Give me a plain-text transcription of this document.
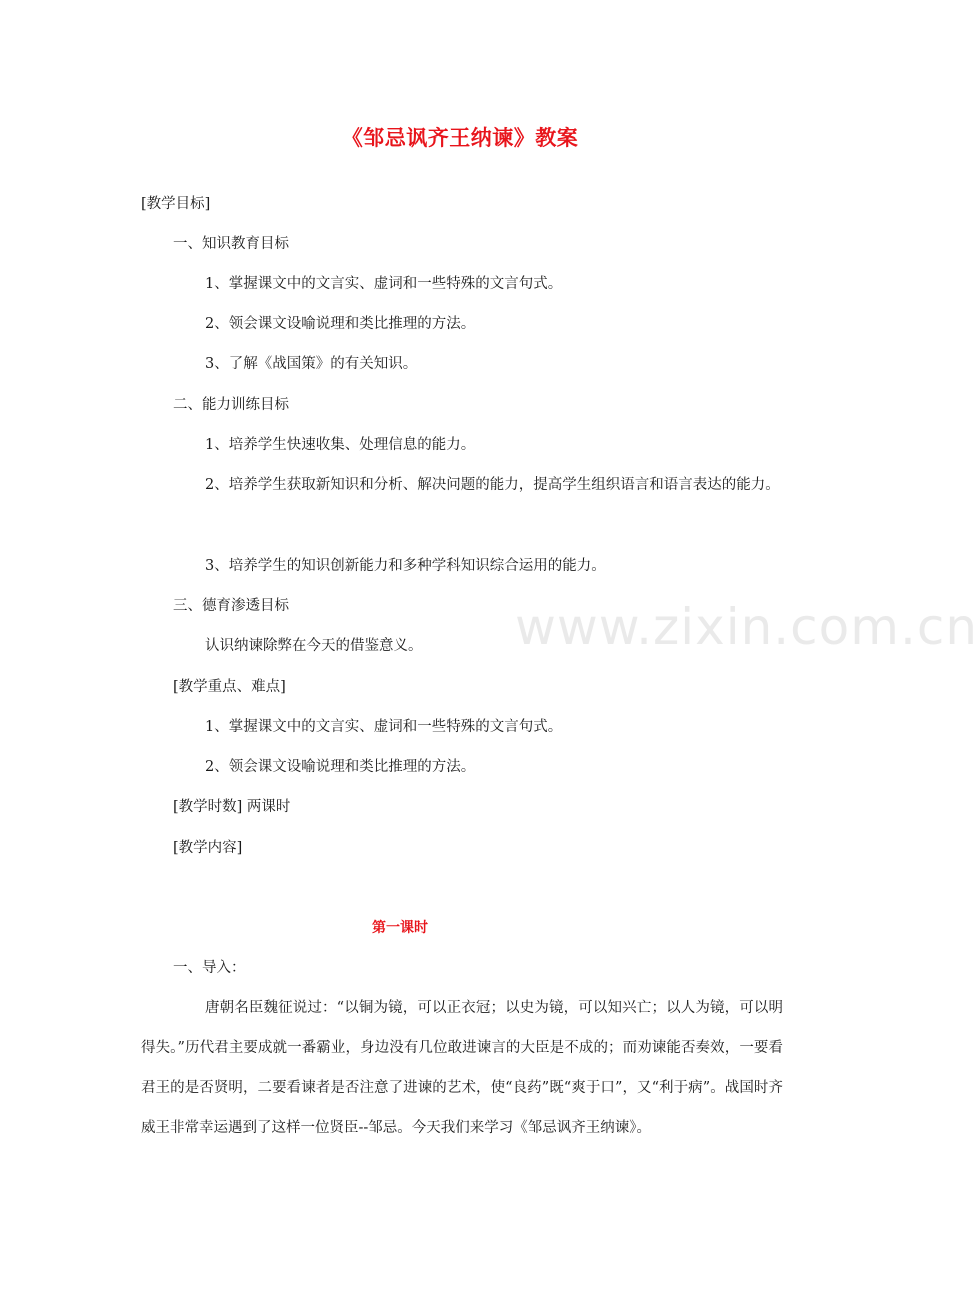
www.zixin.com.cn
《邹忌讽齐王纳谏》教案
[教学目标]
一、知识教育目标
1、掌握课文中的文言实、虚词和一些特殊的文言句式。
2、领会课文设喻说理和类比推理的方法。
3、了解《战国策》的有关知识。
二、能力训练目标
1、培养学生快速收集、处理信息的能力。
2、培养学生获取新知识和分析、解决问题的能力，提高学生组织语言和语言表达的能力。
3、培养学生的知识创新能力和多种学科知识综合运用的能力。
三、德育渗透目标
认识纳谏除弊在今天的借鉴意义。
[教学重点、难点]
1、掌握课文中的文言实、虚词和一些特殊的文言句式。
2、领会课文设喻说理和类比推理的方法。
[教学时数] 两课时
[教学内容]
第一课时
一、导入：
唐朝名臣魏征说过：“以铜为镜，可以正衣冠；以史为镜，可以知兴亡；以人为镜，可以明得失。”历代君主要成就一番霸业，身边没有几位敢进谏言的大臣是不成的；而劝谏能否奏效，一要看君王的是否贤明，二要看谏者是否注意了进谏的艺术，使“良药”既“爽于口”，又“利于病”。战国时齐威王非常幸运遇到了这样一位贤臣--邹忌。今天我们来学习《邹忌讽齐王纳谏》。
